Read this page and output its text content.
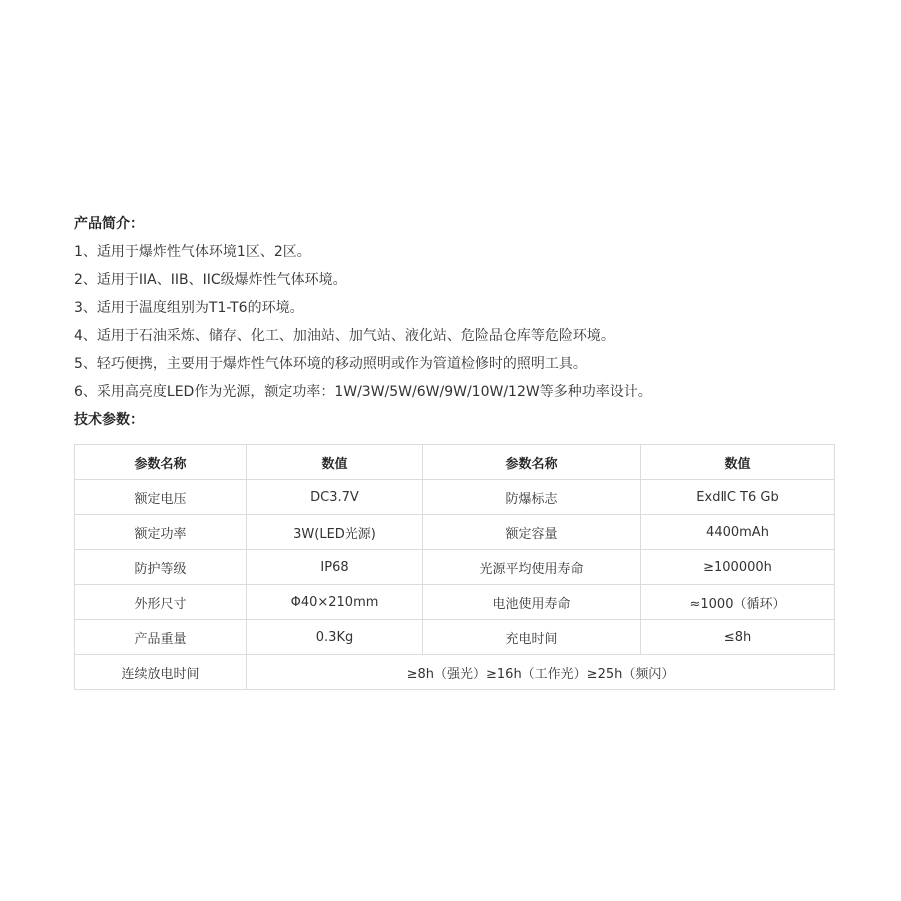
产品简介：
1、适用于爆炸性气体环境1区、2区。
2、适用于IIA、IIB、IIC级爆炸性气体环境。
3、适用于温度组别为T1-T6的环境。
4、适用于石油采炼、储存、化工、加油站、加气站、液化站、危险品仓库等危险环境。
5、轻巧便携，主要用于爆炸性气体环境的移动照明或作为管道检修时的照明工具。
6、采用高亮度LED作为光源，额定功率：1W/3W/5W/6W/9W/10W/12W等多种功率设计。
技术参数：
参数名称	数值	参数名称	数值
额定电压	DC3.7V	防爆标志	ExdⅡC T6 Gb
额定功率	3W(LED光源)	额定容量	4400mAh
防护等级	IP68	光源平均使用寿命	≥100000h
外形尺寸	Φ40×210mm	电池使用寿命	≈1000（循环）
产品重量	0.3Kg	充电时间	≤8h
连续放电时间	≥8h（强光）≥16h（工作光）≥25h（频闪）		
